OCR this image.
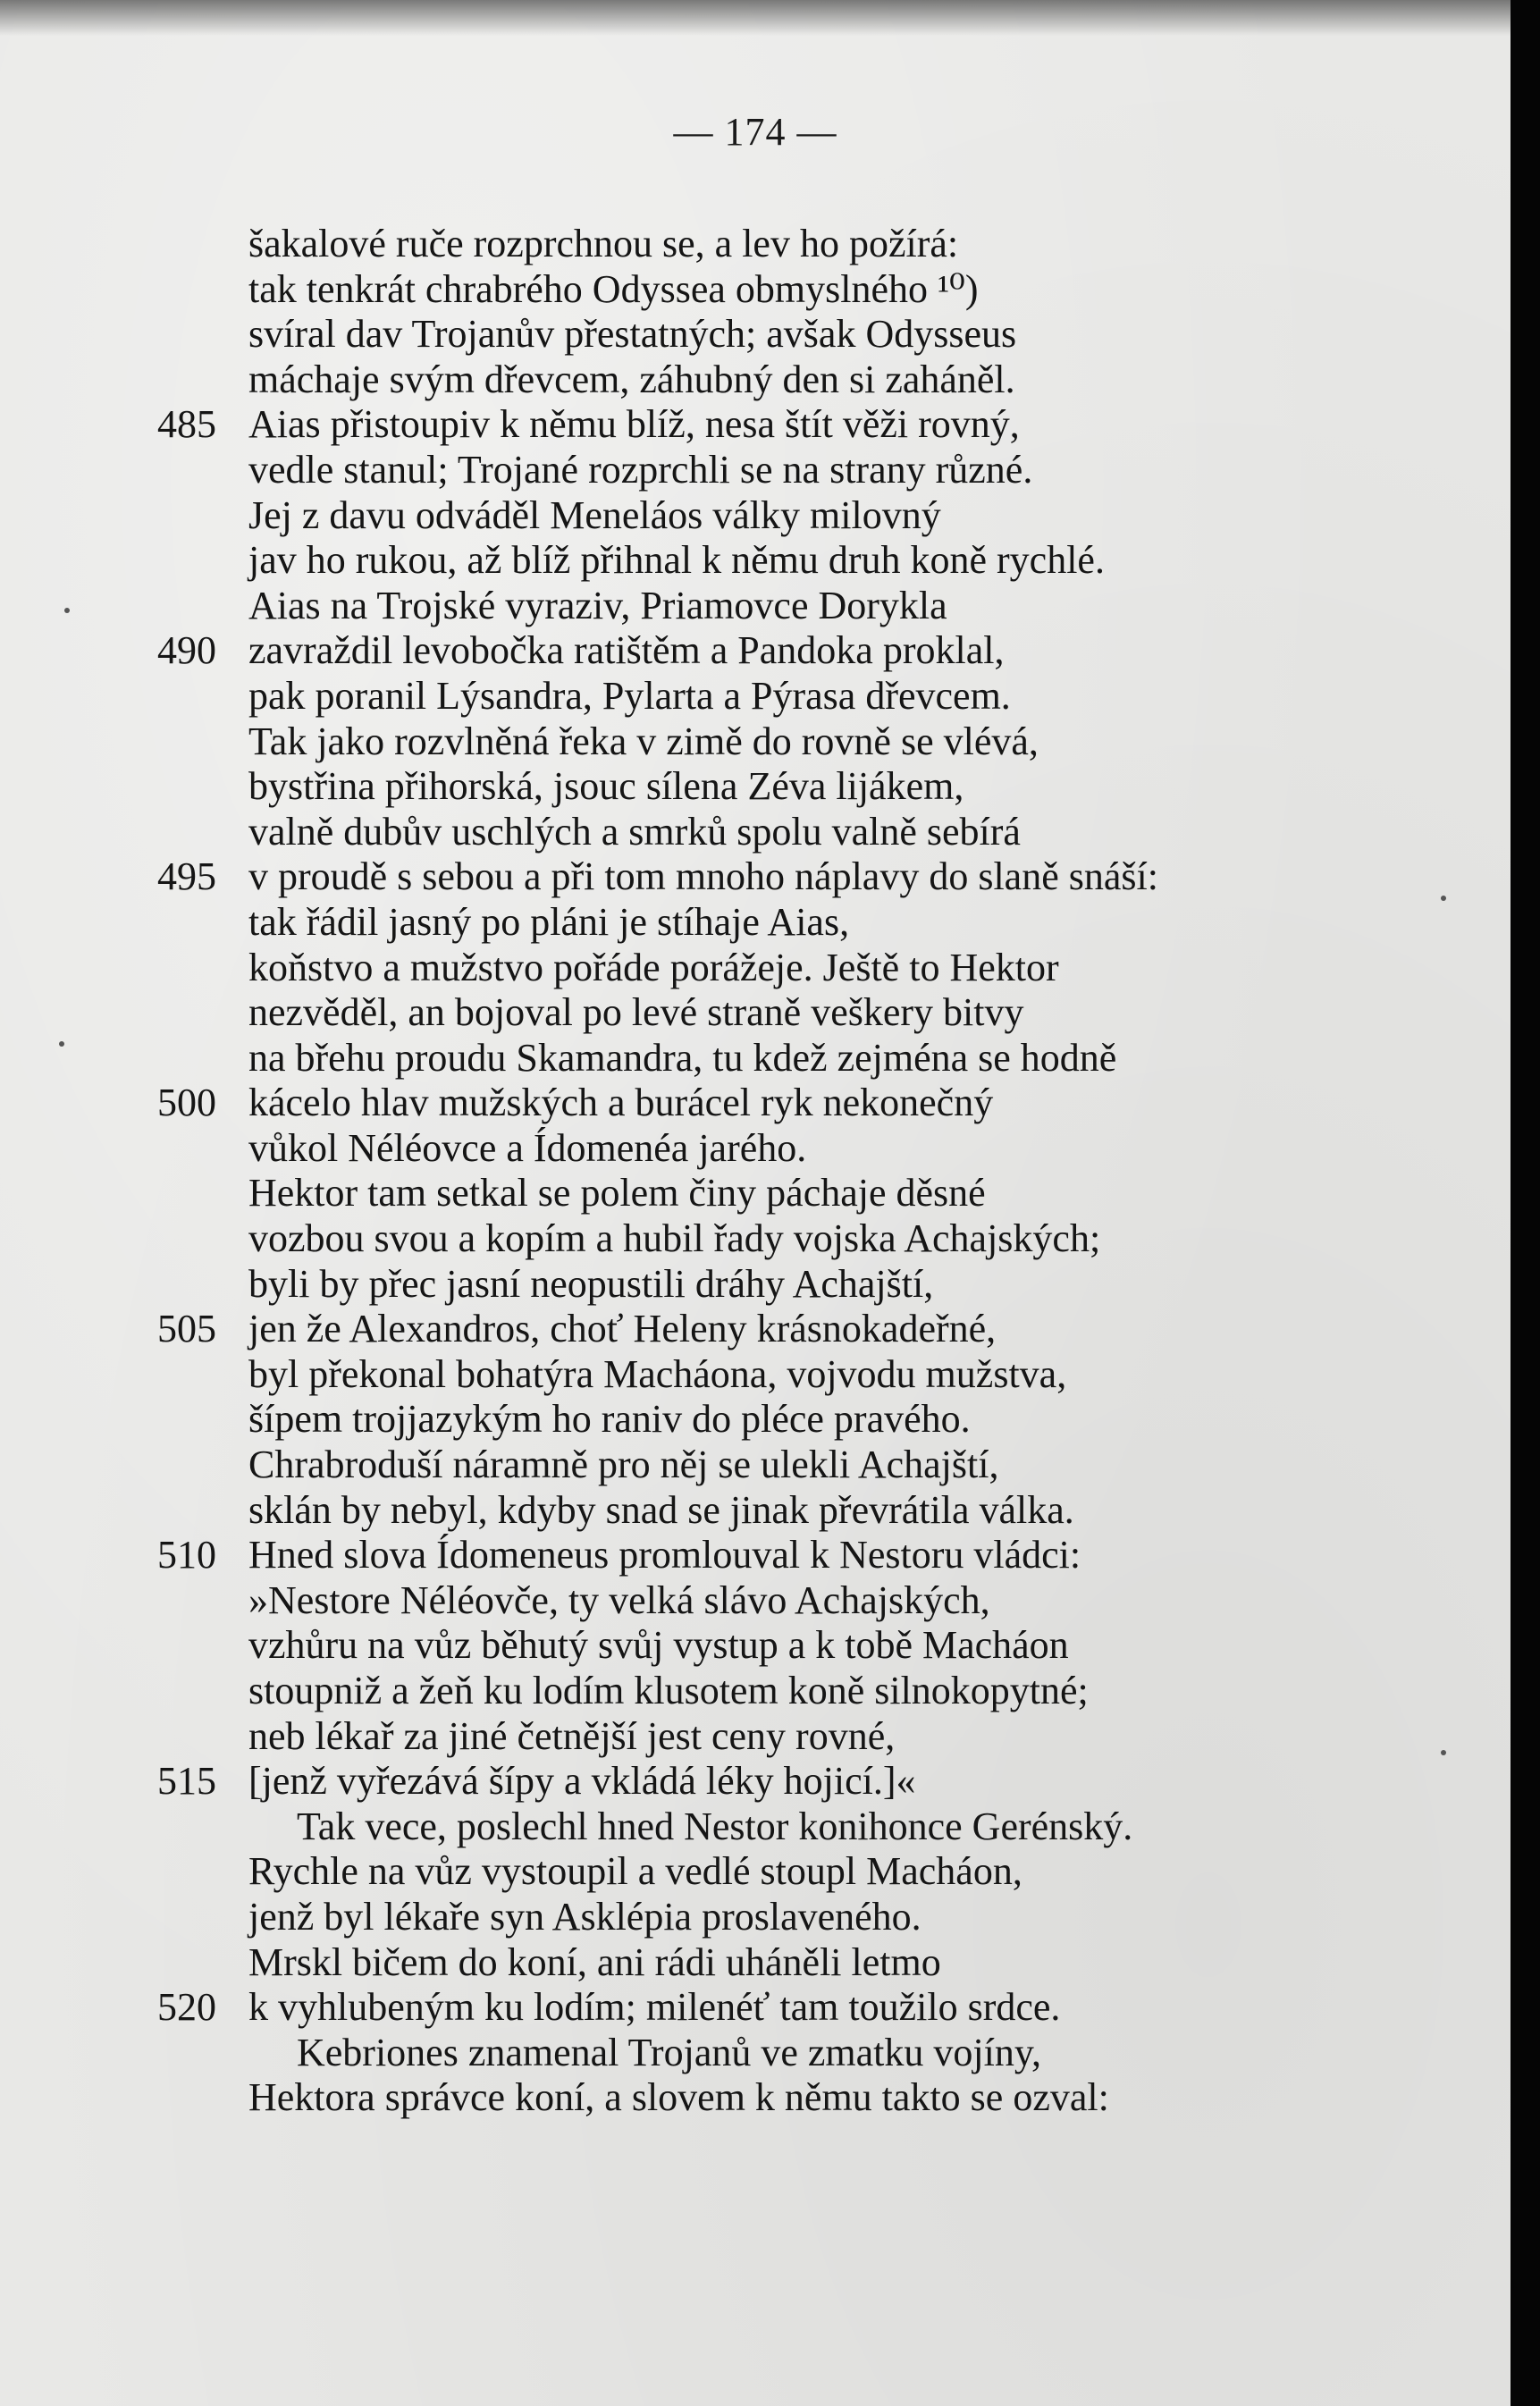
— 174 —
šakalové ruče rozprchnou se, a lev ho požírá:
tak tenkrát chrabrého Odyssea obmyslného ¹⁰)
svíral dav Trojanův přestatných; avšak Odysseus
máchaje svým dřevcem, záhubný den si zaháněl.
485 Aias přistoupiv k němu blíž, nesa štít věži rovný,
vedle stanul; Trojané rozprchli se na strany různé.
Jej z davu odváděl Meneláos války milovný
jav ho rukou, až blíž přihnal k němu druh koně rychlé.
Aias na Trojské vyraziv, Priamovce Dorykla
490 zavraždil levobočka ratištěm a Pandoka proklal,
pak poranil Lýsandra, Pylarta a Pýrasa dřevcem.
Tak jako rozvlněná řeka v zimě do rovně se vlévá,
bystřina přihorská, jsouc sílena Zéva lijákem,
valně dubův uschlých a smrků spolu valně sebírá
495 v proudě s sebou a při tom mnoho náplavy do slaně snáší:
tak řádil jasný po pláni je stíhaje Aias,
koňstvo a mužstvo pořáde porážeje. Ještě to Hektor
nezvěděl, an bojoval po levé straně veškery bitvy
na břehu proudu Skamandra, tu kdež zejména se hodně
500 kácelo hlav mužských a burácel ryk nekonečný
vůkol Néléovce a Ídomenéa jarého.
Hektor tam setkal se polem činy páchaje děsné
vozbou svou a kopím a hubil řady vojska Achajských;
byli by přec jasní neopustili dráhy Achajští,
505 jen že Alexandros, choť Heleny krásnokadeřné,
byl překonal bohatýra Macháona, vojvodu mužstva,
šípem trojjazykým ho raniv do pléce pravého.
Chrabroduší náramně pro něj se ulekli Achajští,
sklán by nebyl, kdyby snad se jinak převrátila válka.
510 Hned slova Ídomeneus promlouval k Nestoru vládci:
»Nestore Néléovče, ty velká slávo Achajských,
vzhůru na vůz běhutý svůj vystup a k tobě Macháon
stoupniž a žeň ku lodím klusotem koně silnokopytné;
neb lékař za jiné četnější jest ceny rovné,
515 [jenž vyřezává šípy a vkládá léky hojicí.]«
Tak vece, poslechl hned Nestor konihonce Gerénský.
Rychle na vůz vystoupil a vedlé stoupl Macháon,
jenž byl lékaře syn Asklépia proslaveného.
Mrskl bičem do koní, ani rádi uháněli letmo
520 k vyhlubeným ku lodím; milenéť tam toužilo srdce.
Kebriones znamenal Trojanů ve zmatku vojíny,
Hektora správce koní, a slovem k němu takto se ozval:
